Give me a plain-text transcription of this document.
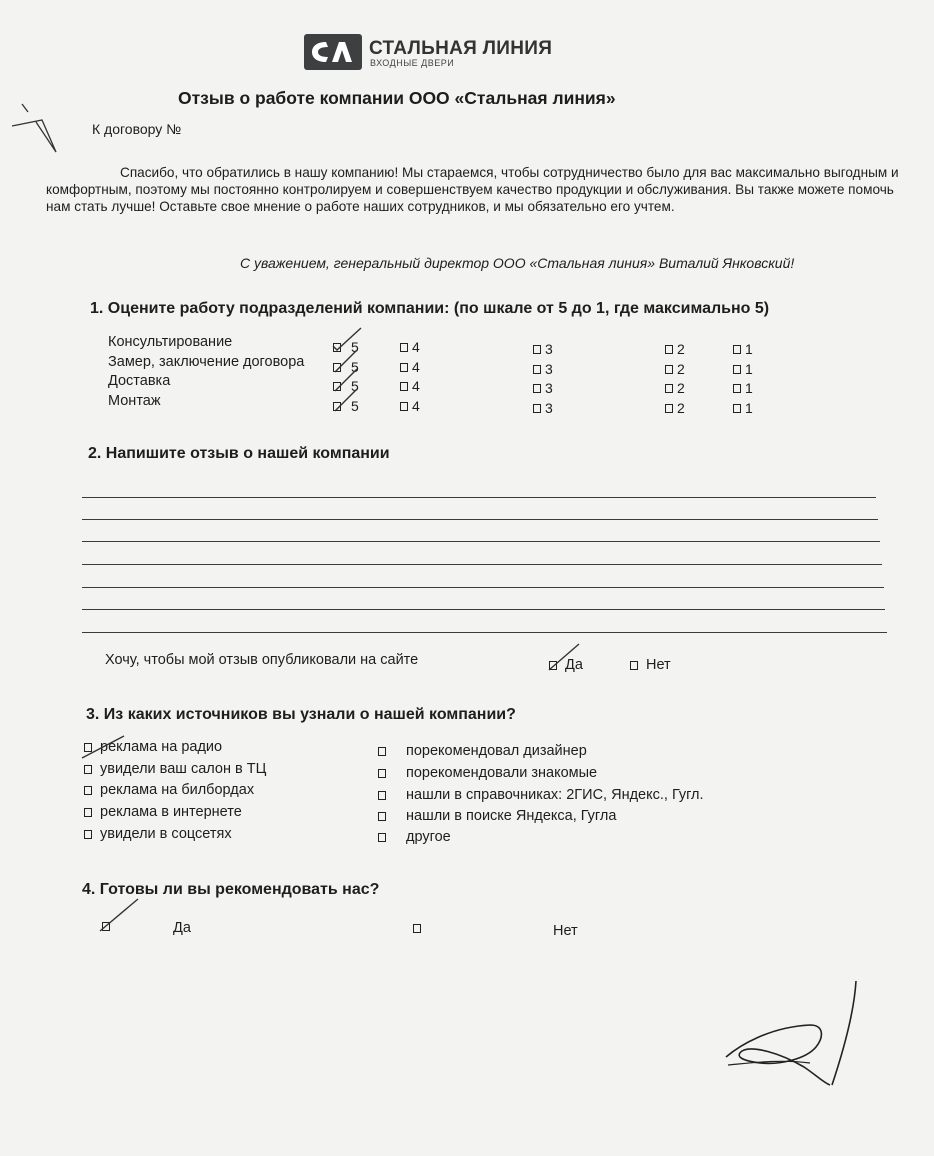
СТАЛЬНАЯ ЛИНИЯ
ВХОДНЫЕ ДВЕРИ
Отзыв о работе компании ООО «Стальная линия»
К договору №
Спасибо, что обратились в нашу компанию! Мы стараемся, чтобы сотрудничество было для вас максимально выгодным и комфортным, поэтому мы постоянно контролируем и совершенствуем качество продукции и обслуживания. Вы также можете помочь нам стать лучше! Оставьте свое мнение о работе наших сотрудников, и мы обязательно его учтем.
С уважением, генеральный директор ООО «Стальная линия» Виталий Янковский!
1. Оцените работу подразделений компании: (по шкале от 5 до 1, где максимально 5)
Консультирование	5	4	3	2	1
Замер, заключение договора	5	4	3	2	1
Доставка	5	4	3	2	1
Монтаж	5	4	3	2	1
2. Напишите отзыв о нашей компании
Хочу, чтобы мой отзыв опубликовали на сайте	Да	Нет
3. Из каких источников вы узнали о нашей компании?
реклама на радио
увидели ваш салон в ТЦ
реклама на билбордах
реклама в интернете
увидели в соцсетях
порекомендовал дизайнер
порекомендовали знакомые
нашли в справочниках: 2ГИС, Яндекс., Гугл.
нашли в поиске Яндекса, Гугла
другое
4. Готовы ли вы рекомендовать нас?
Да	Нет
